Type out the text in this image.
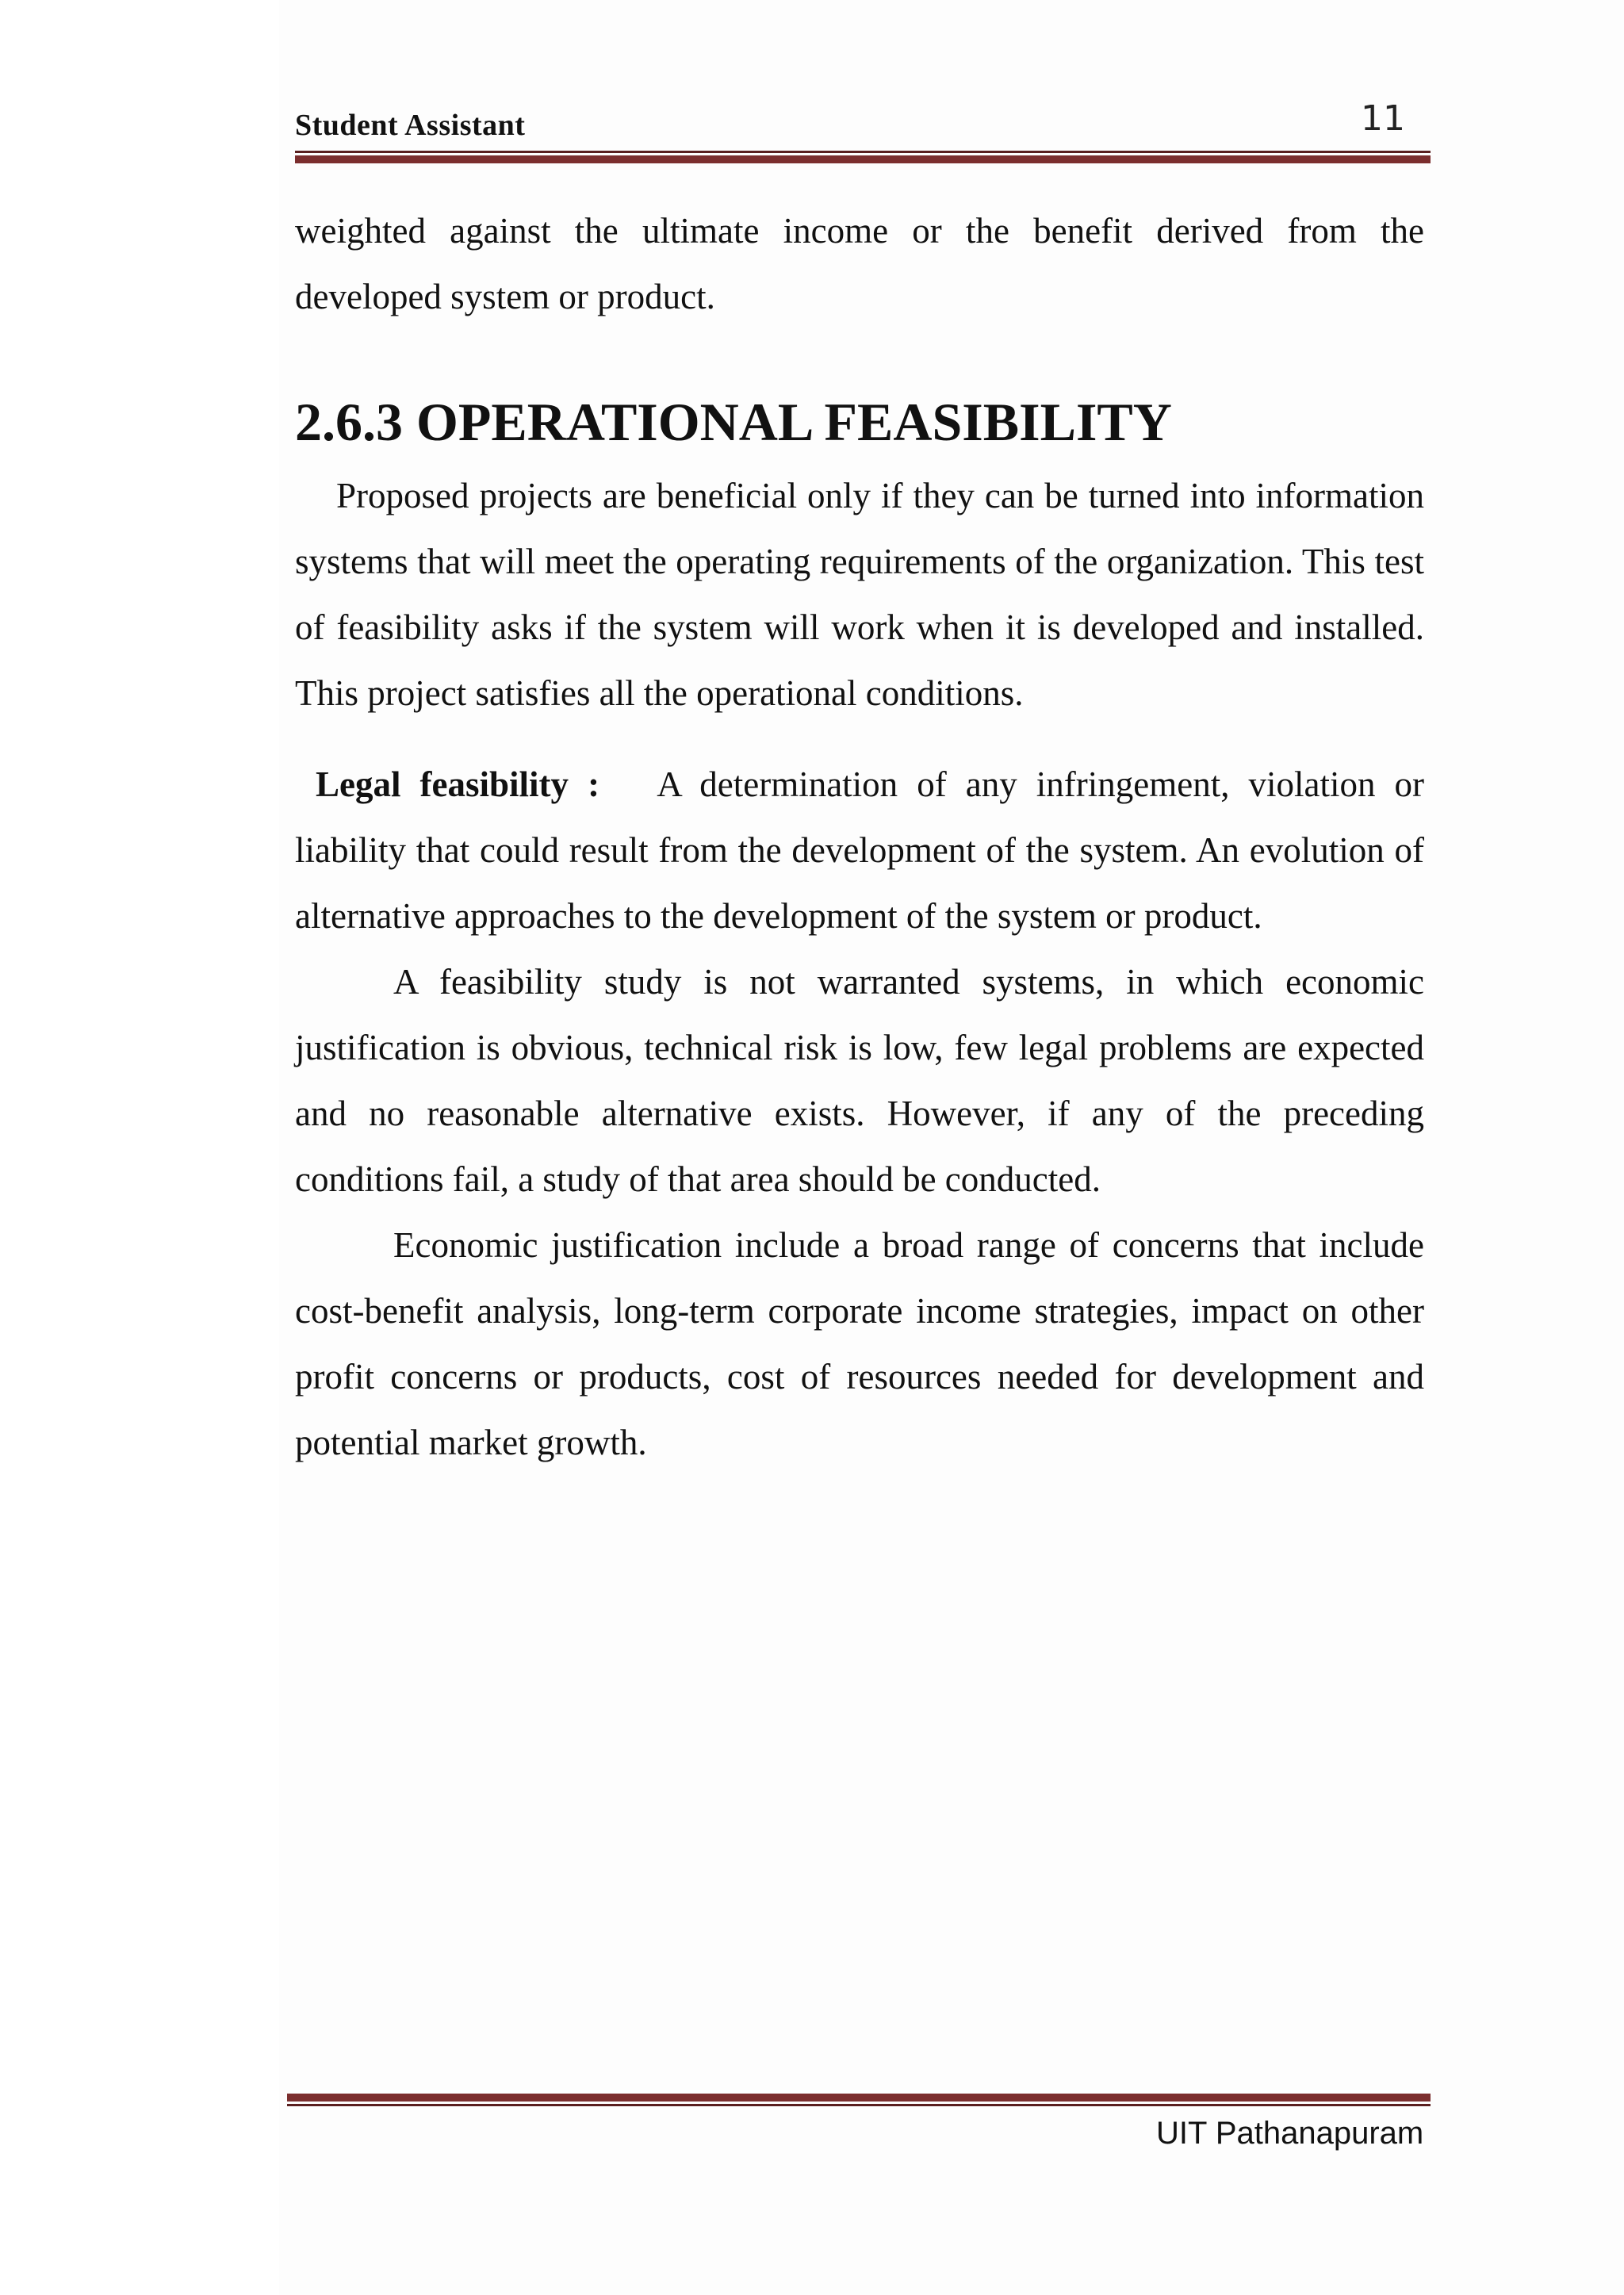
Student Assistant	11

weighted against the ultimate income or the benefit derived from the developed system or product.

2.6.3 OPERATIONAL FEASIBILITY

Proposed projects are beneficial only if they can be turned into information systems that will meet the operating requirements of the organization. This test of feasibility asks if the system will work when it is developed and installed. This project satisfies all the operational conditions.

Legal feasibility : A determination of any infringement, violation or liability that could result from the development of the system. An evolution of alternative approaches to the development of the system or product.

A feasibility study is not warranted systems, in which economic justification is obvious, technical risk is low, few legal problems are expected and no reasonable alternative exists. However, if any of the preceding conditions fail, a study of that area should be conducted.

Economic justification include a broad range of concerns that include cost-benefit analysis, long-term corporate income strategies, impact on other profit concerns or products, cost of resources needed for development and potential market growth.

UIT Pathanapuram
